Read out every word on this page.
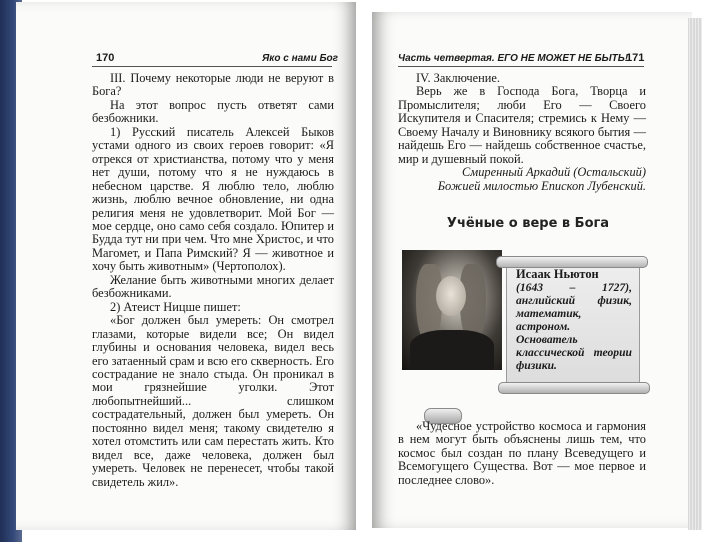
170	Яко с нами Бог

III. Почему некоторые люди не веруют в Бога?

На этот вопрос пусть ответят сами безбожники.

1) Русский писатель Алексей Быков устами одного из своих героев говорит: «Я отрекся от христианства, потому что у меня нет души, потому что я не нуждаюсь в небесном царстве. Я люблю тело, люблю жизнь, люблю вечное обновление, ни одна религия меня не удовлетворит. Мой Бог — мое сердце, оно само себя создало. Юпитер и Будда тут ни при чем. Что мне Христос, и что Магомет, и Папа Римский? Я — животное и хочу быть животным» (Чертополох).

Желание быть животными многих делает безбожниками.

2) Атеист Ницше пишет:

«Бог должен был умереть: Он смотрел глазами, которые видели все; Он видел глубины и основания человека, видел весь его затаенный срам и всю его скверность. Его сострадание не знало стыда. Он проникал в мои грязнейшие уголки. Этот любопытнейший... слишком сострадательный, должен был умереть. Он постоянно видел меня; такому свидетелю я хотел отомстить или сам перестать жить. Кто видел все, даже человека, должен был умереть. Человек не перенесет, чтобы такой свидетель жил».

Часть четвертая. ЕГО НЕ МОЖЕТ НЕ БЫТЬ!
171

IV. Заключение.

Верь же в Господа Бога, Творца и Промыслителя; люби Его — Своего Искупителя и Спасителя; стремись к Нему — Своему Началу и Виновнику всякого бытия — найдешь Его — найдешь собственное счастье, мир и душевный покой.

Смиренный Аркадий (Остальский)

Божией милостью Епископ Лубенский.

Учёные о вере в Бога
Исаак Ньютон
(1643 – 1727), английский физик, математик, астроном. Основатель классической теории физики.

«Чудесное устройство космоса и гармония в нем могут быть объяснены лишь тем, что космос был создан по плану Всеведущего и Всемогущего Существа. Вот — мое первое и последнее слово».
